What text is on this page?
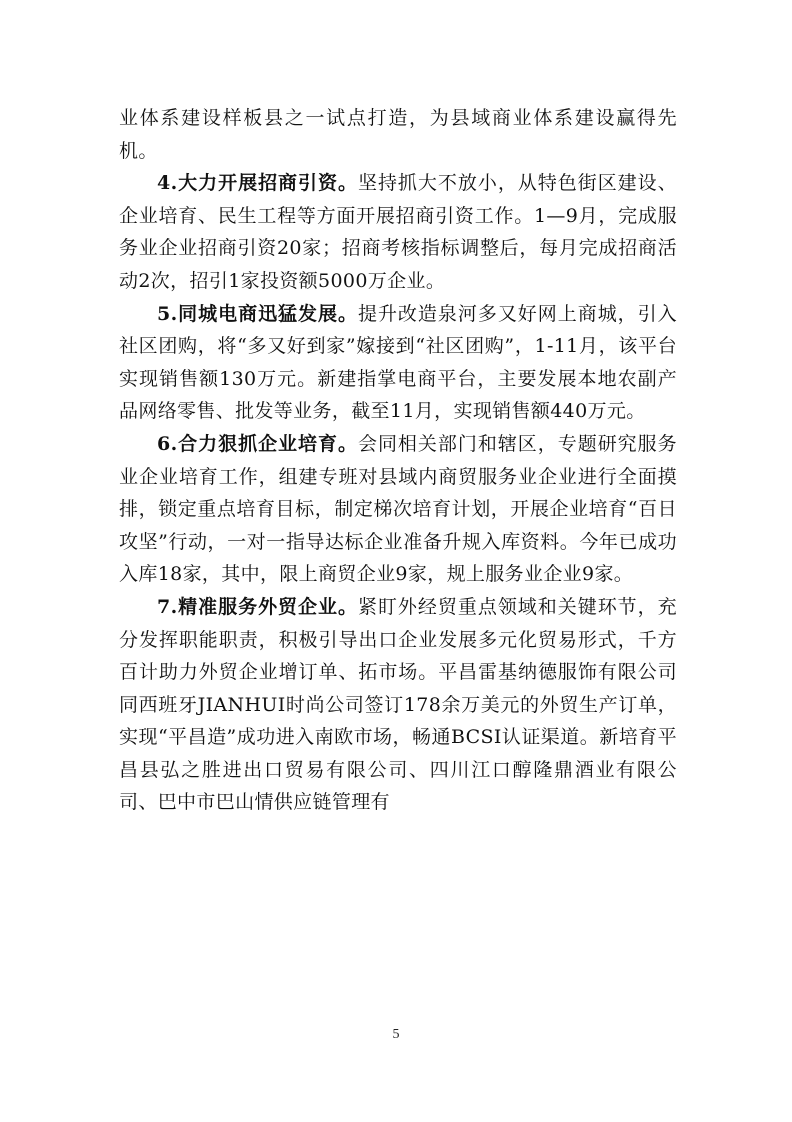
业体系建设样板县之一试点打造，为县域商业体系建设赢得先机。

4.大力开展招商引资。坚持抓大不放小，从特色街区建设、企业培育、民生工程等方面开展招商引资工作。1—9月，完成服务业企业招商引资20家；招商考核指标调整后，每月完成招商活动2次，招引1家投资额5000万企业。

5.同城电商迅猛发展。提升改造泉河多又好网上商城，引入社区团购，将“多又好到家”嫁接到“社区团购”，1-11月，该平台实现销售额130万元。新建指掌电商平台，主要发展本地农副产品网络零售、批发等业务，截至11月，实现销售额440万元。

6.合力狠抓企业培育。会同相关部门和辖区，专题研究服务业企业培育工作，组建专班对县域内商贸服务业企业进行全面摸排，锁定重点培育目标，制定梯次培育计划，开展企业培育“百日攻坚”行动，一对一指导达标企业准备升规入库资料。今年已成功入库18家，其中，限上商贸企业9家，规上服务业企业9家。

7.精准服务外贸企业。紧盯外经贸重点领域和关键环节，充分发挥职能职责，积极引导出口企业发展多元化贸易形式，千方百计助力外贸企业增订单、拓市场。平昌雷基纳德服饰有限公司同西班牙JIANHUI时尚公司签订178余万美元的外贸生产订单，实现“平昌造”成功进入南欧市场，畅通BCSI认证渠道。新培育平昌县弘之胜进出口贸易有限公司、四川江口醇隆鼎酒业有限公司、巴中市巴山情供应链管理有

5
